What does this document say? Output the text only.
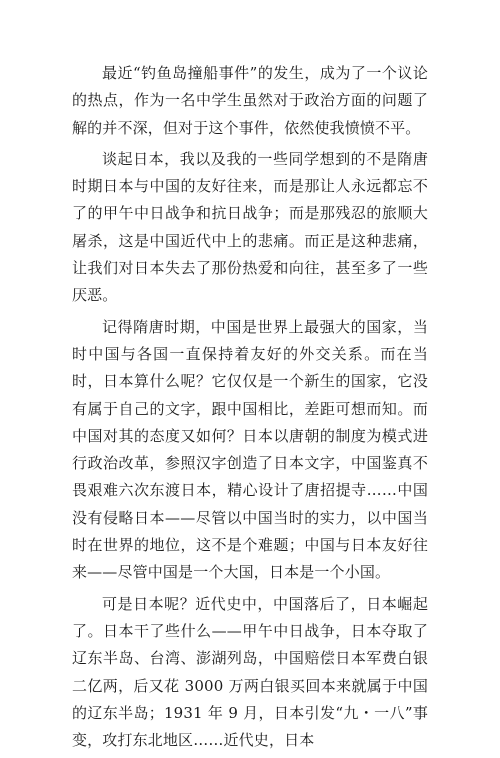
最近“钓鱼岛撞船事件”的发生，成为了一个议论的热点，作为一名中学生虽然对于政治方面的问题了解的并不深，但对于这个事件，依然使我愤愤不平。

谈起日本，我以及我的一些同学想到的不是隋唐时期日本与中国的友好往来，而是那让人永远都忘不了的甲午中日战争和抗日战争；而是那残忍的旅顺大屠杀，这是中国近代中上的悲痛。而正是这种悲痛，让我们对日本失去了那份热爱和向往，甚至多了一些厌恶。

记得隋唐时期，中国是世界上最强大的国家，当时中国与各国一直保持着友好的外交关系。而在当时，日本算什么呢？它仅仅是一个新生的国家，它没有属于自己的文字，跟中国相比，差距可想而知。而中国对其的态度又如何？日本以唐朝的制度为模式进行政治改革，参照汉字创造了日本文字，中国鉴真不畏艰难六次东渡日本，精心设计了唐招提寺……中国没有侵略日本——尽管以中国当时的实力，以中国当时在世界的地位，这不是个难题；中国与日本友好往来——尽管中国是一个大国，日本是一个小国。

可是日本呢？近代史中，中国落后了，日本崛起了。日本干了些什么——甲午中日战争，日本夺取了辽东半岛、台湾、澎湖列岛，中国赔偿日本军费白银二亿两，后又花 3000 万两白银买回本来就属于中国的辽东半岛；1931 年 9 月，日本引发“九・一八”事变，攻打东北地区……近代史，日本
